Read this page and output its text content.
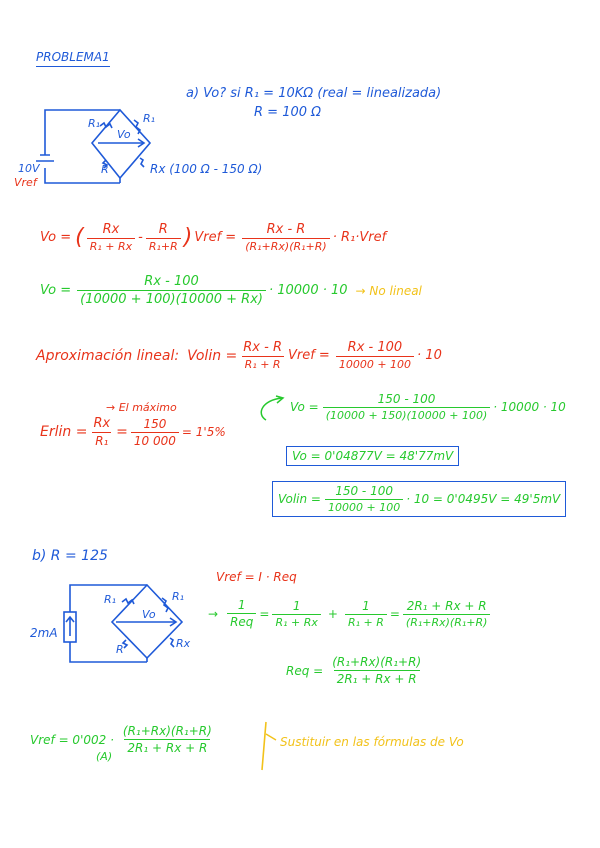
PROBLEMA1
a) Vo? si R₁ = 10KΩ (real = linealizada)
R = 100 Ω
R₁	R₁
Vo
R	Rx (100 Ω - 150 Ω)
10V
Vref
Vo = ( $\frac{Rx}{\text{R₁ + Rx}} - \frac{R}{\text{R₁+R}}$ ) Vref = $\frac{Rx - R}{\text{(R₁+Rx)(R₁+R)}}$ · R₁·Vref
$Vo = \frac{Rx - 100}{(10000 + 100)(10000 + Rx)} \cdot 10000 \cdot 10 \to No$ lineal
Aproximación lineal: Volin = $\frac{Rx - R}{\text{R₁ + R}}$ Vref = $\frac{Rx - 100}{10000 + 100} \cdot 10$
→ El máximo
Erlin = $\frac{Rx}{\text{R₁}} = \frac{150}{10 000} = 1'5\%$
$Vo = \frac{150 - 100}{(10000 + 150)(10000 + 100)} \cdot 10000 \cdot 10$
Vo = 0'04877V = 48'77mV
Volin = $\frac{150 - 100}{10000 + 100} \cdot 10 = 0'0495V = 49'5mV$
b) R = 125
Vref = I · Req
2mA
R₁	R₁
Vo
R	Rx
→ $\frac{1}{\text{Req}} = \frac{1}{\text{R₁ + Rx}} + \frac{1}{\text{R₁ + R}} = \frac{\text{2R₁ + Rx + R}}{\text{(R₁+Rx)(R₁+R)}}$
Req = $\frac{\text{(R₁+Rx)(R₁+R)}}{\text{2R₁ + Rx + R}}$
Vref = 0'002 ·
(A)
$\frac{\text{(R₁+Rx)(R₁+R)}}{\text{2R₁ + Rx + R}}$	Sustituir en las fórmulas de Vo
